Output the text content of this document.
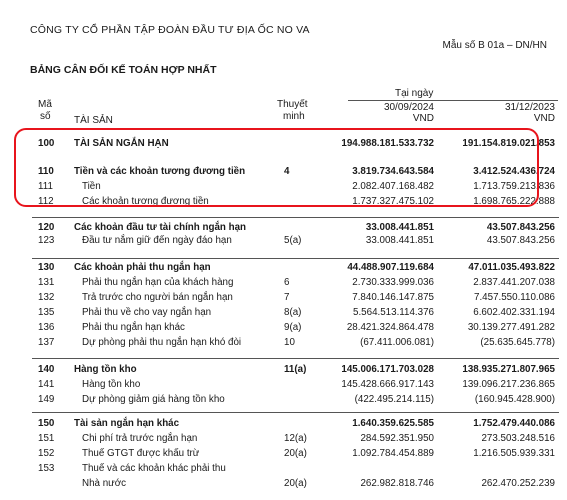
CÔNG TY CỔ PHẦN TẬP ĐOÀN ĐẦU TƯ ĐỊA ỐC NO VA
Mẫu số B 01a – DN/HN
BẢNG CÂN ĐỐI KẾ TOÁN HỢP NHẤT
Mã
số TÀI SẢN
Thuyết
minh
Tại ngày
30/09/2024	31/12/2023
VND	VND
100 TÀI SẢN NGẮN HẠN	194.988.181.533.732	191.154.819.021.853
110 Tiền và các khoản tương đương tiền	4	3.819.734.643.584	3.412.524.436.724
111	Tiền	2.082.407.168.482	1.713.759.213.836
112	Các khoản tương đương tiền	1.737.327.475.102	1.698.765.222.888
120 Các khoản đầu tư tài chính ngắn hạn	33.008.441.851	43.507.843.256
123	Đầu tư nắm giữ đến ngày đáo hạn	5(a)	33.008.441.851	43.507.843.256
130 Các khoản phải thu ngắn hạn	44.488.907.119.684	47.011.035.493.822
131	Phải thu ngắn hạn của khách hàng	6	2.730.333.999.036	2.837.441.207.038
132	Trả trước cho người bán ngắn hạn	7	7.840.146.147.875	7.457.550.110.086
135	Phải thu về cho vay ngắn hạn	8(a)	5.564.513.114.376	6.602.402.331.194
136	Phải thu ngắn hạn khác	9(a)	28.421.324.864.478	30.139.277.491.282
137	Dự phòng phải thu ngắn hạn khó đòi	10	(67.411.006.081)	(25.635.645.778)
140 Hàng tồn kho	11(a)	145.006.171.703.028	138.935.271.807.965
141	Hàng tồn kho	145.428.666.917.143	139.096.217.236.865
149	Dự phòng giảm giá hàng tồn kho	(422.495.214.115)	(160.945.428.900)
150 Tài sản ngắn hạn khác	1.640.359.625.585	1.752.479.440.086
151	Chi phí trả trước ngắn hạn	12(a)	284.592.351.950	273.503.248.516
152	Thuế GTGT được khấu trừ	20(a)	1.092.784.454.889	1.216.505.939.331
153	Thuế và các khoản khác phải thu
Nhà nước	20(a)	262.982.818.746	262.470.252.239
